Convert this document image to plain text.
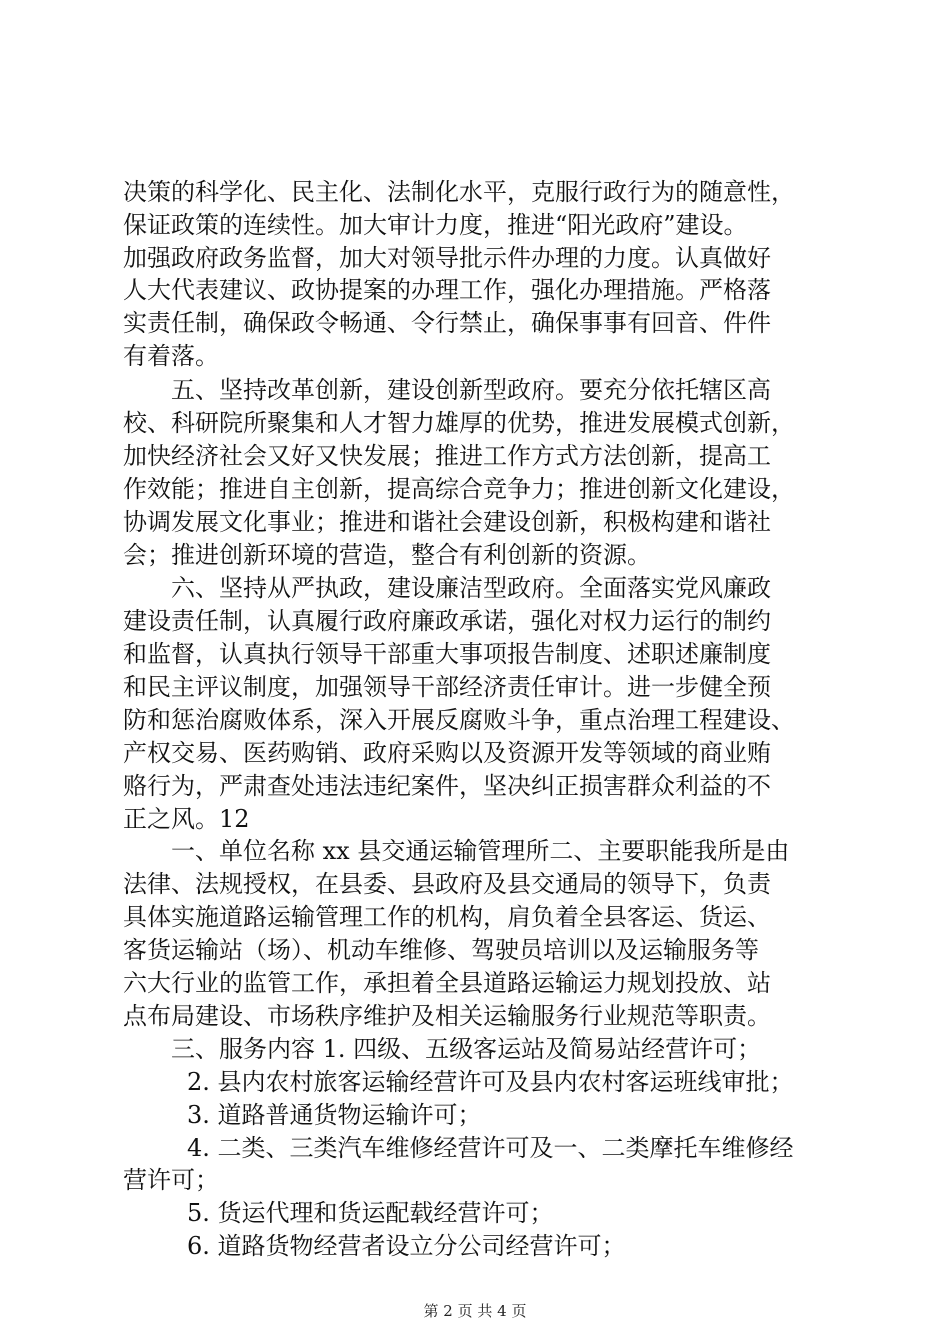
决策的科学化、民主化、法制化水平，克服行政行为的随意性，
保证政策的连续性。加大审计力度，推进“阳光政府”建设。
加强政府政务监督，加大对领导批示件办理的力度。认真做好
人大代表建议、政协提案的办理工作，强化办理措施。严格落
实责任制，确保政令畅通、令行禁止，确保事事有回音、件件
有着落。
五、坚持改革创新，建设创新型政府。要充分依托辖区高
校、科研院所聚集和人才智力雄厚的优势，推进发展模式创新，
加快经济社会又好又快发展；推进工作方式方法创新，提高工
作效能；推进自主创新，提高综合竞争力；推进创新文化建设，
协调发展文化事业；推进和谐社会建设创新，积极构建和谐社
会；推进创新环境的营造，整合有利创新的资源。
六、坚持从严执政，建设廉洁型政府。全面落实党风廉政
建设责任制，认真履行政府廉政承诺，强化对权力运行的制约
和监督，认真执行领导干部重大事项报告制度、述职述廉制度
和民主评议制度，加强领导干部经济责任审计。进一步健全预
防和惩治腐败体系，深入开展反腐败斗争，重点治理工程建设、
产权交易、医药购销、政府采购以及资源开发等领域的商业贿
赂行为，严肃查处违法违纪案件，坚决纠正损害群众利益的不
正之风。12
一、单位名称 xx 县交通运输管理所二、主要职能我所是由
法律、法规授权，在县委、县政府及县交通局的领导下，负责
具体实施道路运输管理工作的机构，肩负着全县客运、货运、
客货运输站（场）、机动车维修、驾驶员培训以及运输服务等
六大行业的监管工作，承担着全县道路运输运力规划投放、站
点布局建设、市场秩序维护及相关运输服务行业规范等职责。
三、服务内容 1. 四级、五级客运站及简易站经营许可；
2. 县内农村旅客运输经营许可及县内农村客运班线审批；
3. 道路普通货物运输许可；
4. 二类、三类汽车维修经营许可及一、二类摩托车维修经
营许可；
5. 货运代理和货运配载经营许可；
6. 道路货物经营者设立分公司经营许可；
第 2 页 共 4 页
